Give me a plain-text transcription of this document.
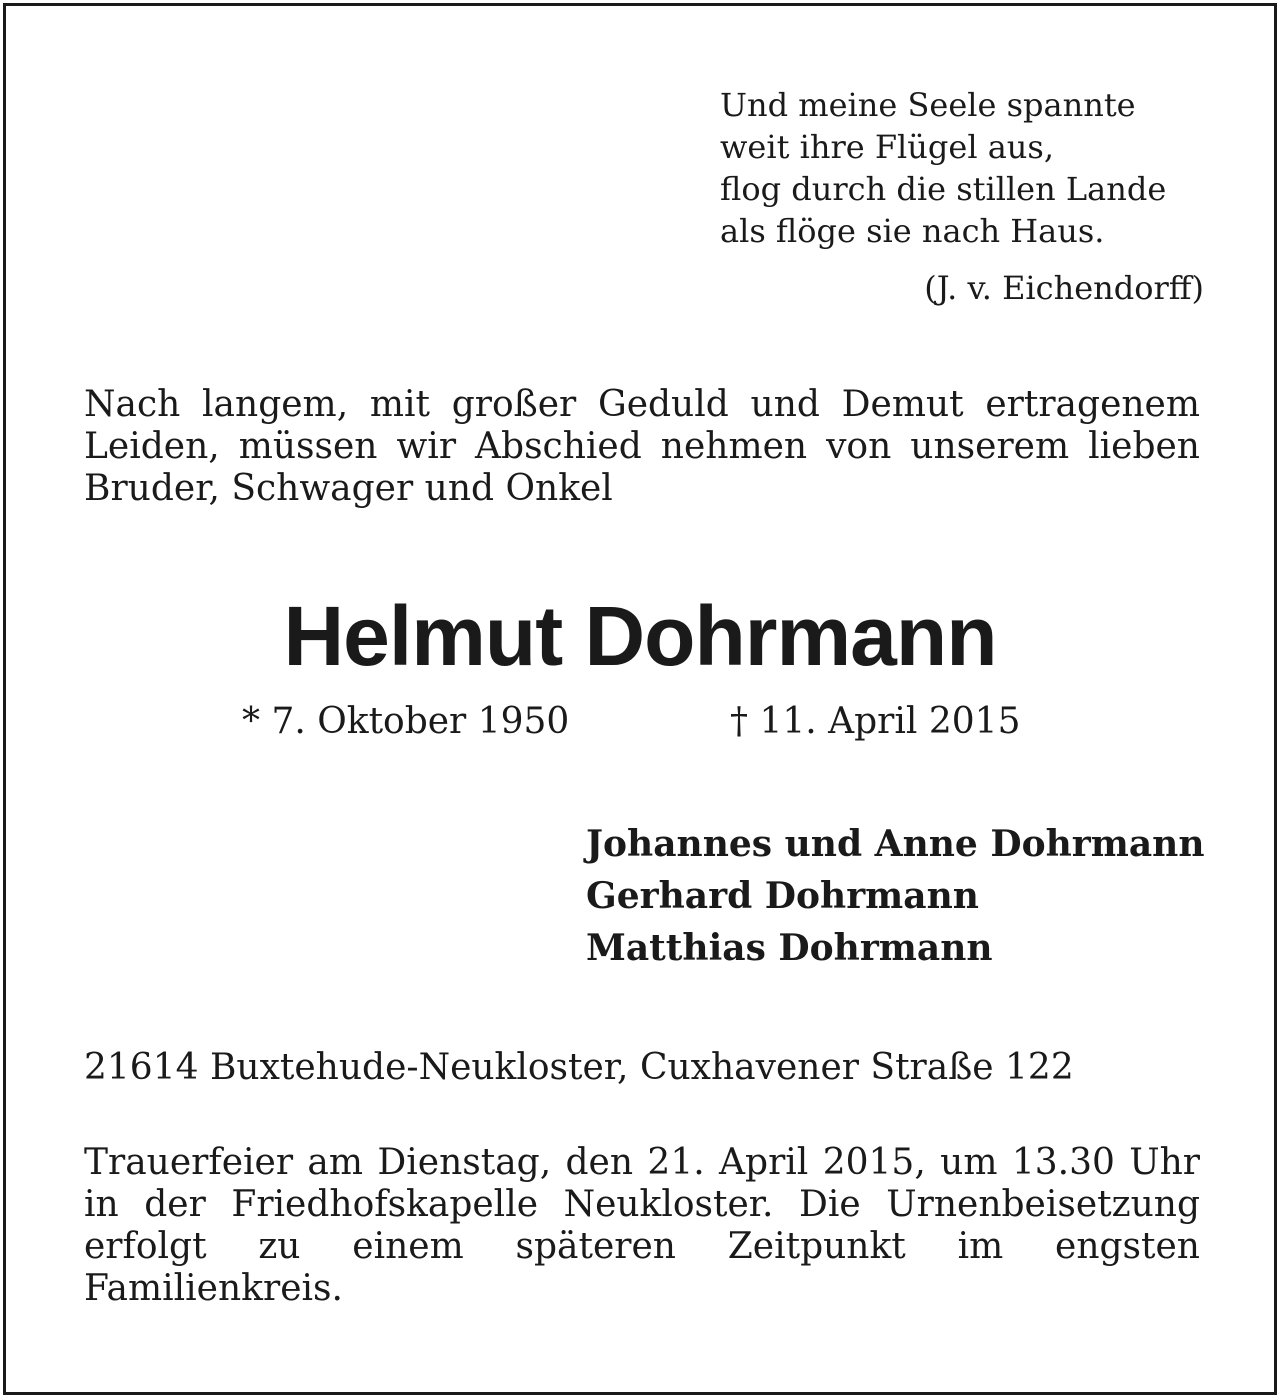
Und meine Seele spannte
weit ihre Flügel aus,
flog durch die stillen Lande
als flöge sie nach Haus.
(J. v. Eichendorff)
Nach langem, mit großer Geduld und Demut ertragenem Leiden, müssen wir Abschied nehmen von unserem lieben Bruder, Schwager und Onkel
Helmut Dohrmann
* 7. Oktober 1950	† 11. April 2015
Johannes und Anne Dohrmann
Gerhard Dohrmann
Matthias Dohrmann
21614 Buxtehude-Neukloster, Cuxhavener Straße 122
Trauerfeier am Dienstag, den 21. April 2015, um 13.30 Uhr in der Friedhofskapelle Neukloster. Die Urnenbeisetzung erfolgt zu einem späteren Zeitpunkt im engsten Familienkreis.
